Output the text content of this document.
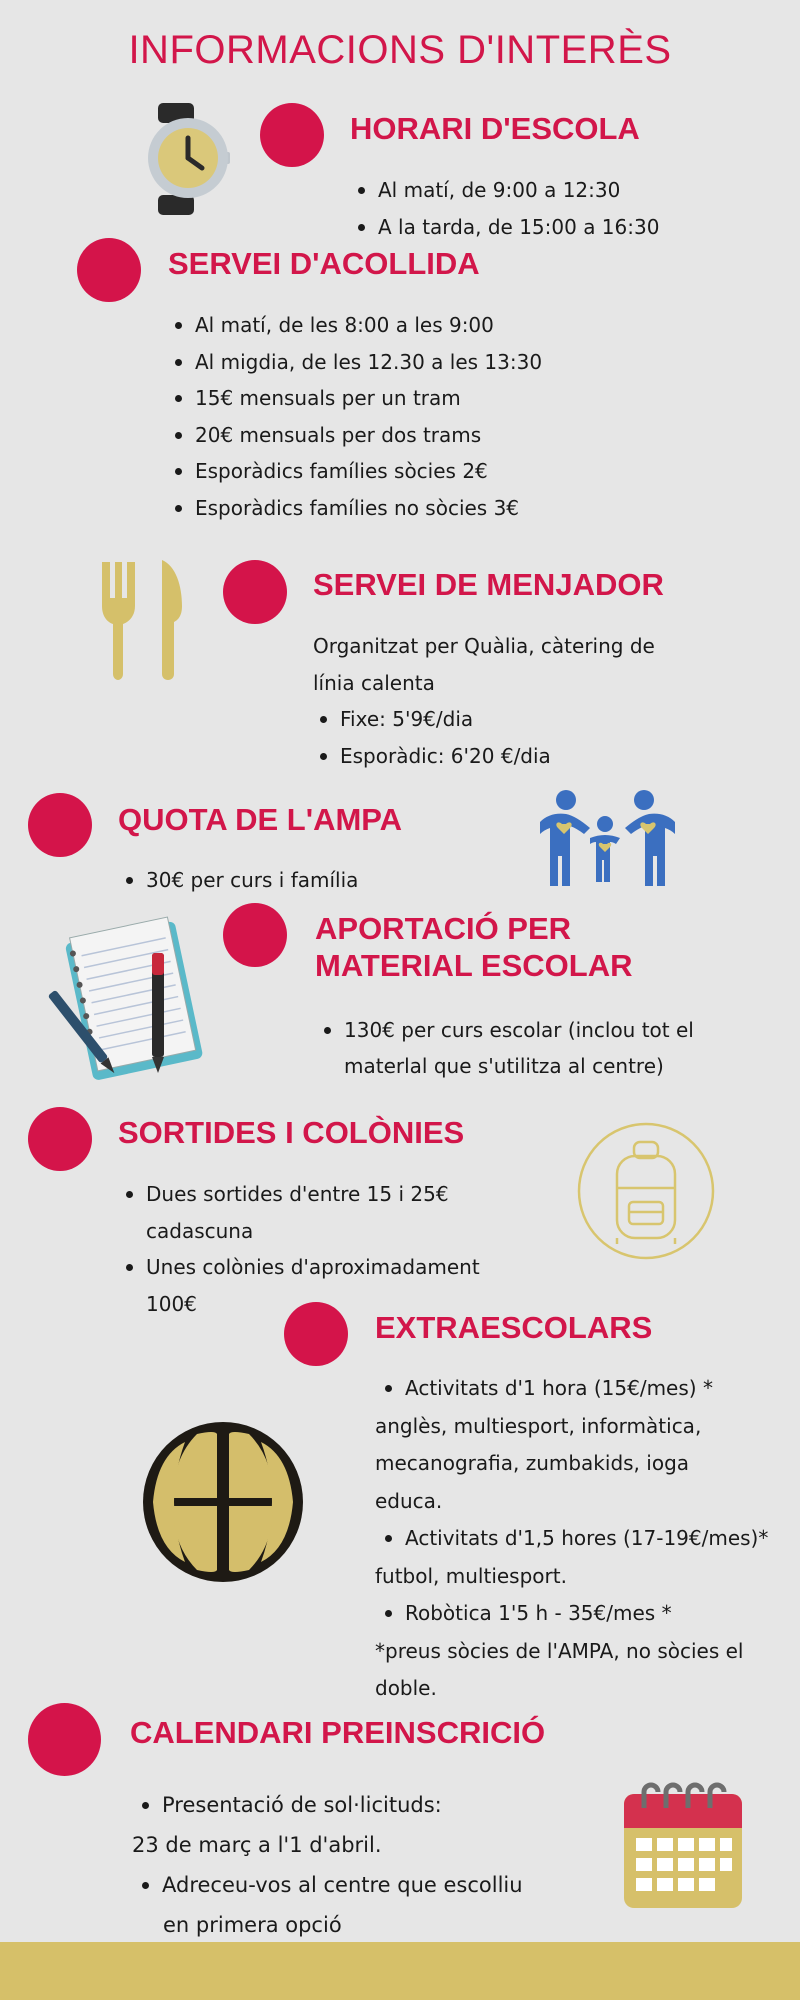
INFORMACIONS D'INTERÈS
HORARI D'ESCOLA
Al matí, de 9:00 a 12:30
A la tarda, de 15:00 a 16:30
SERVEI D'ACOLLIDA
Al matí, de les 8:00 a les 9:00
Al migdia, de les 12.30 a les 13:30
15€ mensuals per un tram
20€ mensuals per dos trams
Esporàdics famílies sòcies 2€
Esporàdics famílies no sòcies 3€
SERVEI DE MENJADOR
Organitzat per Quàlia, càtering de
línia calenta
Fixe: 5'9€/dia
Esporàdic: 6'20 €/dia
QUOTA DE L'AMPA
30€ per curs i família
APORTACIÓ PER
MATERIAL ESCOLAR
130€ per curs escolar (inclou tot el
materlal que s'utilitza al centre)
SORTIDES I COLÒNIES
Dues sortides d'entre 15 i 25€
cadascuna
Unes colònies d'aproximadament
100€
EXTRAESCOLARS
Activitats d'1 hora (15€/mes) *
anglès, multiesport, informàtica,
mecanografia, zumbakids, ioga
educa.
Activitats d'1,5 hores (17-19€/mes)*
futbol, multiesport.
Robòtica 1'5 h - 35€/mes *
*preus sòcies de l'AMPA, no sòcies el
doble.
CALENDARI PREINSCRICIÓ
Presentació de sol·licituds:
23 de març a l'1 d'abril.
Adreceu-vos al centre que escolliu
en primera opció
